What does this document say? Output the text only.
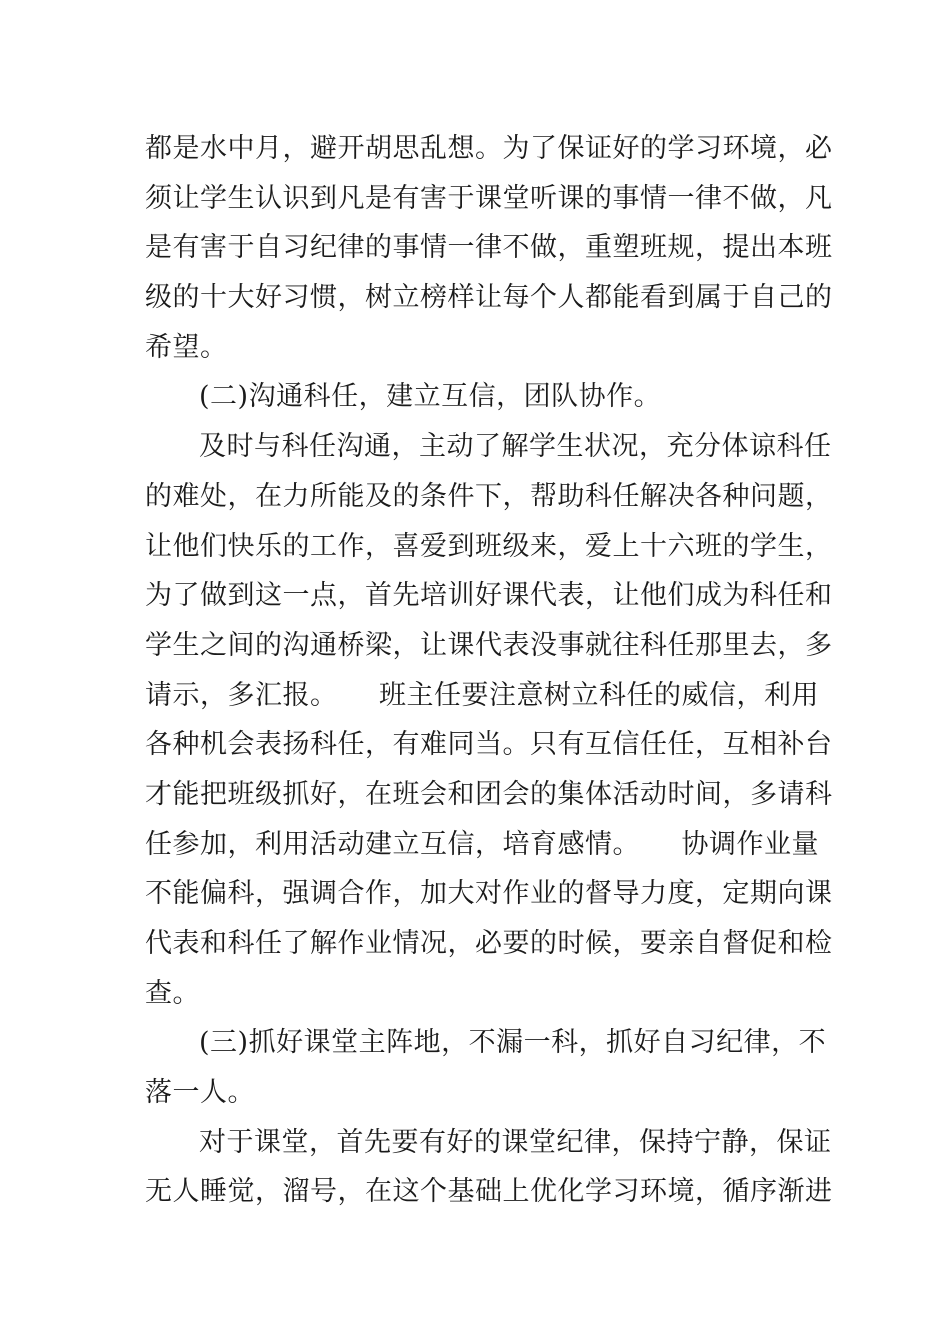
都是水中月，避开胡思乱想。为了保证好的学习环境，必
须让学生认识到凡是有害于课堂听课的事情一律不做，凡
是有害于自习纪律的事情一律不做，重塑班规，提出本班
级的十大好习惯，树立榜样让每个人都能看到属于自己的
希望。
(二)沟通科任，建立互信，团队协作。
及时与科任沟通，主动了解学生状况，充分体谅科任
的难处，在力所能及的条件下，帮助科任解决各种问题，
让他们快乐的工作，喜爱到班级来，爱上十六班的学生，
为了做到这一点，首先培训好课代表，让他们成为科任和
学生之间的沟通桥梁，让课代表没事就往科任那里去，多
请示，多汇报。　　班主任要注意树立科任的威信，利用
各种机会表扬科任，有难同当。只有互信任任，互相补台
才能把班级抓好，在班会和团会的集体活动时间，多请科
任参加，利用活动建立互信，培育感情。　　协调作业量
不能偏科，强调合作，加大对作业的督导力度，定期向课
代表和科任了解作业情况，必要的时候，要亲自督促和检
查。
(三)抓好课堂主阵地，不漏一科，抓好自习纪律，不
落一人。
对于课堂，首先要有好的课堂纪律，保持宁静，保证
无人睡觉，溜号，在这个基础上优化学习环境，循序渐进
